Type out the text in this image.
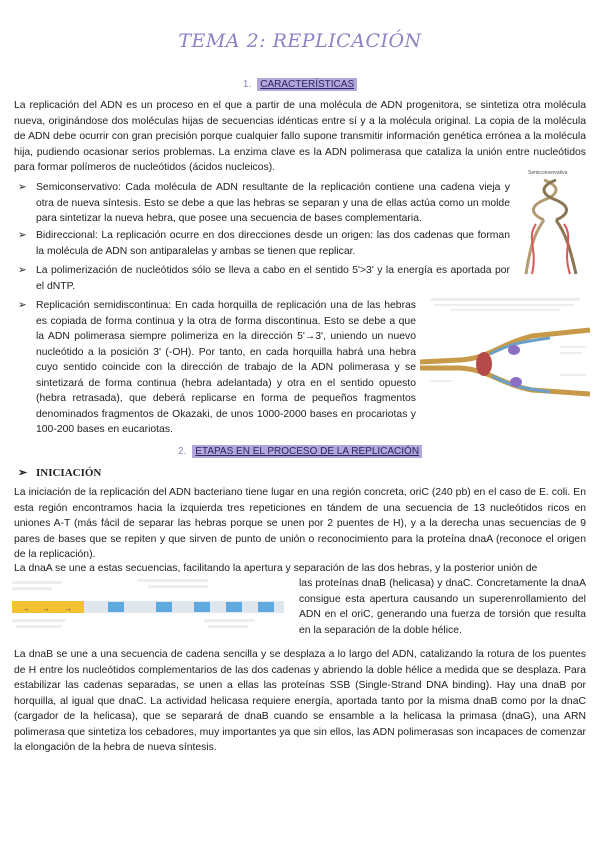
TEMA 2: REPLICACIÓN
1. CARACTERÍSTICAS
La replicación del ADN es un proceso en el que a partir de una molécula de ADN progenitora, se sintetiza otra molécula nueva, originándose dos moléculas hijas de secuencias idénticas entre sí y a la molécula original. La copia de la molécula de ADN debe ocurrir con gran precisión porque cualquier fallo supone transmitir información genética errónea a la molécula hija, pudiendo ocasionar serios problemas. La enzima clave es la ADN polimerasa que cataliza la unión entre nucleótidos para formar polímeros de nucleótidos (ácidos nucleicos).
➢ Semiconservativo: Cada molécula de ADN resultante de la replicación contiene una cadena vieja y otra de nueva síntesis. Esto se debe a que las hebras se separan y una de ellas actúa como un molde para sintetizar la nueva hebra, que posee una secuencia de bases complementaria.
➢ Bidireccional: La replicación ocurre en dos direcciones desde un origen: las dos cadenas que forman la molécula de ADN son antiparalelas y ambas se tienen que replicar.
➢ La polimerización de nucleótidos sólo se lleva a cabo en el sentido 5'>3' y la energía es aportada por el dNTP.
➢ Replicación semidiscontinua: En cada horquilla de replicación una de las hebras es copiada de forma continua y la otra de forma discontinua. Esto se debe a que la ADN polimerasa siempre polimeriza en la dirección 5'→3', uniendo un nuevo nucleótido a la posición 3' (-OH). Por tanto, en cada horquilla habrá una hebra cuyo sentido coincide con la dirección de trabajo de la ADN polimerasa y se sintetizará de forma continua (hebra adelantada) y otra en el sentido opuesto (hebra retrasada), que deberá replicarse en forma de pequeños fragmentos denominados fragmentos de Okazaki, de unos 1000-2000 bases en procariotas y 100-200 bases en eucariotas.
Semiconservativa
2. ETAPAS EN EL PROCESO DE LA REPLICACIÓN
➢ INICIACIÓN
La iniciación de la replicación del ADN bacteriano tiene lugar en una región concreta, oriC (240 pb) en el caso de E. coli. En esta región encontramos hacia la izquierda tres repeticiones en tándem de una secuencia de 13 nucleótidos ricos en uniones A-T (más fácil de separar las hebras porque se unen por 2 puentes de H), y a la derecha unas secuencias de 9 pares de bases que se repiten y que sirven de punto de unión o reconocimiento para la proteína dnaA (reconoce el origen de la replicación).
La dnaA se une a estas secuencias, facilitando la apertura y separación de las dos hebras, y la posterior unión de
→ → →
las proteínas dnaB (helicasa) y dnaC. Concretamente la dnaA consigue esta apertura causando un superenrollamiento del ADN en el oriC, generando una fuerza de torsión que resulta en la separación de la doble hélice.
La dnaB se une a una secuencia de cadena sencilla y se desplaza a lo largo del ADN, catalizando la rotura de los puentes de H entre los nucleótidos complementarios de las dos cadenas y abriendo la doble hélice a medida que se desplaza. Para estabilizar las cadenas separadas, se unen a ellas las proteínas SSB (Single-Strand DNA binding). Hay una dnaB por horquilla, al igual que dnaC. La actividad helicasa requiere energía, aportada tanto por la misma dnaB como por la dnaC (cargador de la helicasa), que se separará de dnaB cuando se ensamble a la helicasa la primasa (dnaG), una ARN polimerasa que sintetiza los cebadores, muy importantes ya que sin ellos, las ADN polimerasas son incapaces de comenzar la elongación de la hebra de nueva síntesis.
